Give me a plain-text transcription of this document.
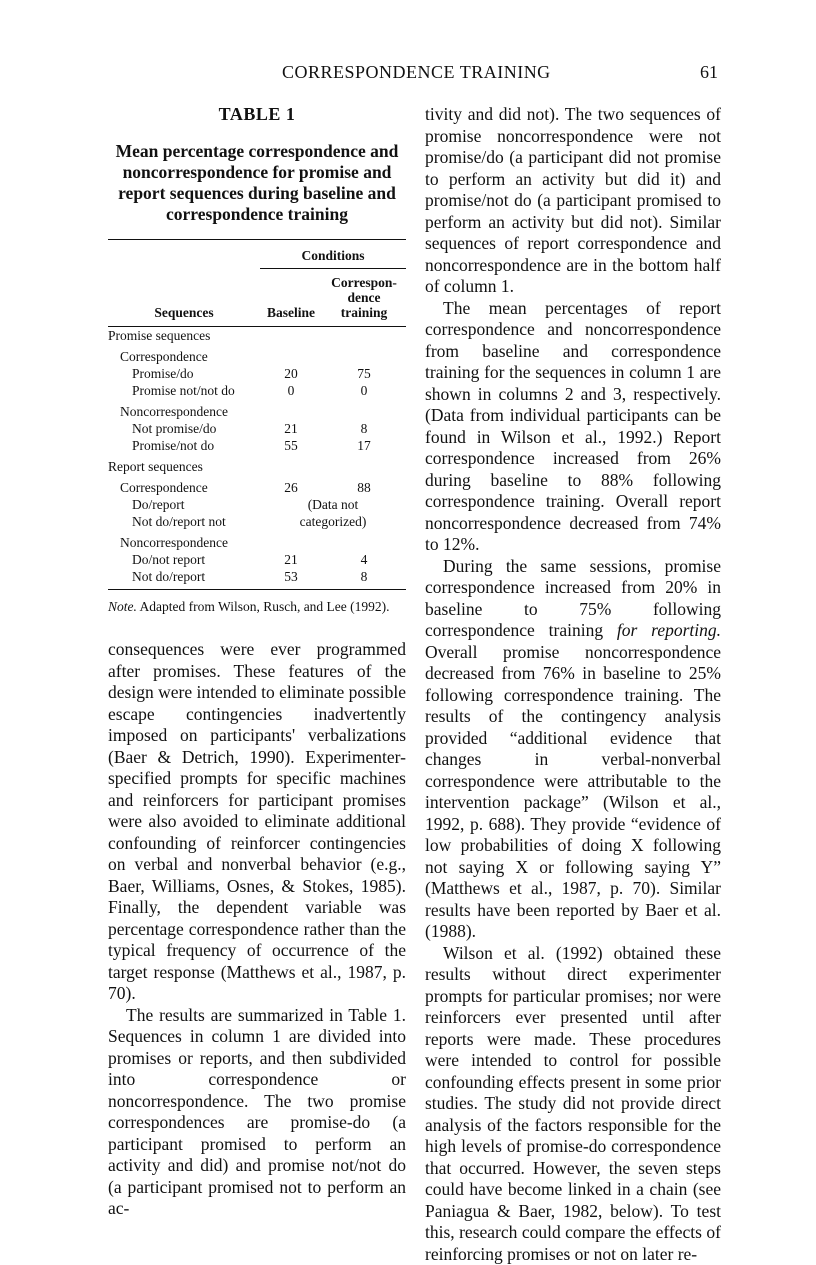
CORRESPONDENCE TRAINING	61
TABLE 1
Mean percentage correspondence and noncorrespondence for promise and report sequences during baseline and correspondence training

	Conditions	
Sequences	Baseline	Correspon-
dence
training

Promise sequences		
Correspondence		
Promise/do	20	75
Promise not/not do	0	0
Noncorrespondence		
Not promise/do	21	8
Promise/not do	55	17
Report sequences		
Correspondence	26	88
Do/report	(Data not	
Not do/report not	categorized)	
Noncorrespondence		
Do/not report	21	4
Not do/report	53	8

Note. Adapted from Wilson, Rusch, and Lee (1992).

consequences were ever programmed after promises. These features of the design were intended to eliminate possible escape contingencies inadvertently imposed on participants' verbalizations (Baer & Detrich, 1990). Experimenter-specified prompts for specific machines and reinforcers for participant promises were also avoided to eliminate additional confounding of reinforcer contingencies on verbal and nonverbal behavior (e.g., Baer, Williams, Osnes, & Stokes, 1985). Finally, the dependent variable was percentage correspondence rather than the typical frequency of occurrence of the target response (Matthews et al., 1987, p. 70).

The results are summarized in Table 1. Sequences in column 1 are divided into promises or reports, and then subdivided into correspondence or noncorrespondence. The two promise correspondences are promise-do (a participant promised to perform an activity and did) and promise not/not do (a participant promised not to perform an ac-

tivity and did not). The two sequences of promise noncorrespondence were not promise/do (a participant did not promise to perform an activity but did it) and promise/not do (a participant promised to perform an activity but did not). Similar sequences of report correspondence and noncorrespondence are in the bottom half of column 1.

The mean percentages of report correspondence and noncorrespondence from baseline and correspondence training for the sequences in column 1 are shown in columns 2 and 3, respectively. (Data from individual participants can be found in Wilson et al., 1992.) Report correspondence increased from 26% during baseline to 88% following correspondence training. Overall report noncorrespondence decreased from 74% to 12%.

During the same sessions, promise correspondence increased from 20% in baseline to 75% following correspondence training for reporting. Overall promise noncorrespondence decreased from 76% in baseline to 25% following correspondence training. The results of the contingency analysis provided “additional evidence that changes in verbal-nonverbal correspondence were attributable to the intervention package” (Wilson et al., 1992, p. 688). They provide “evidence of low probabilities of doing X following not saying X or following saying Y” (Matthews et al., 1987, p. 70). Similar results have been reported by Baer et al. (1988).

Wilson et al. (1992) obtained these results without direct experimenter prompts for particular promises; nor were reinforcers ever presented until after reports were made. These procedures were intended to control for possible confounding effects present in some prior studies. The study did not provide direct analysis of the factors responsible for the high levels of promise-do correspondence that occurred. However, the seven steps could have become linked in a chain (see Paniagua & Baer, 1982, below). To test this, research could compare the effects of reinforcing promises or not on later re-
